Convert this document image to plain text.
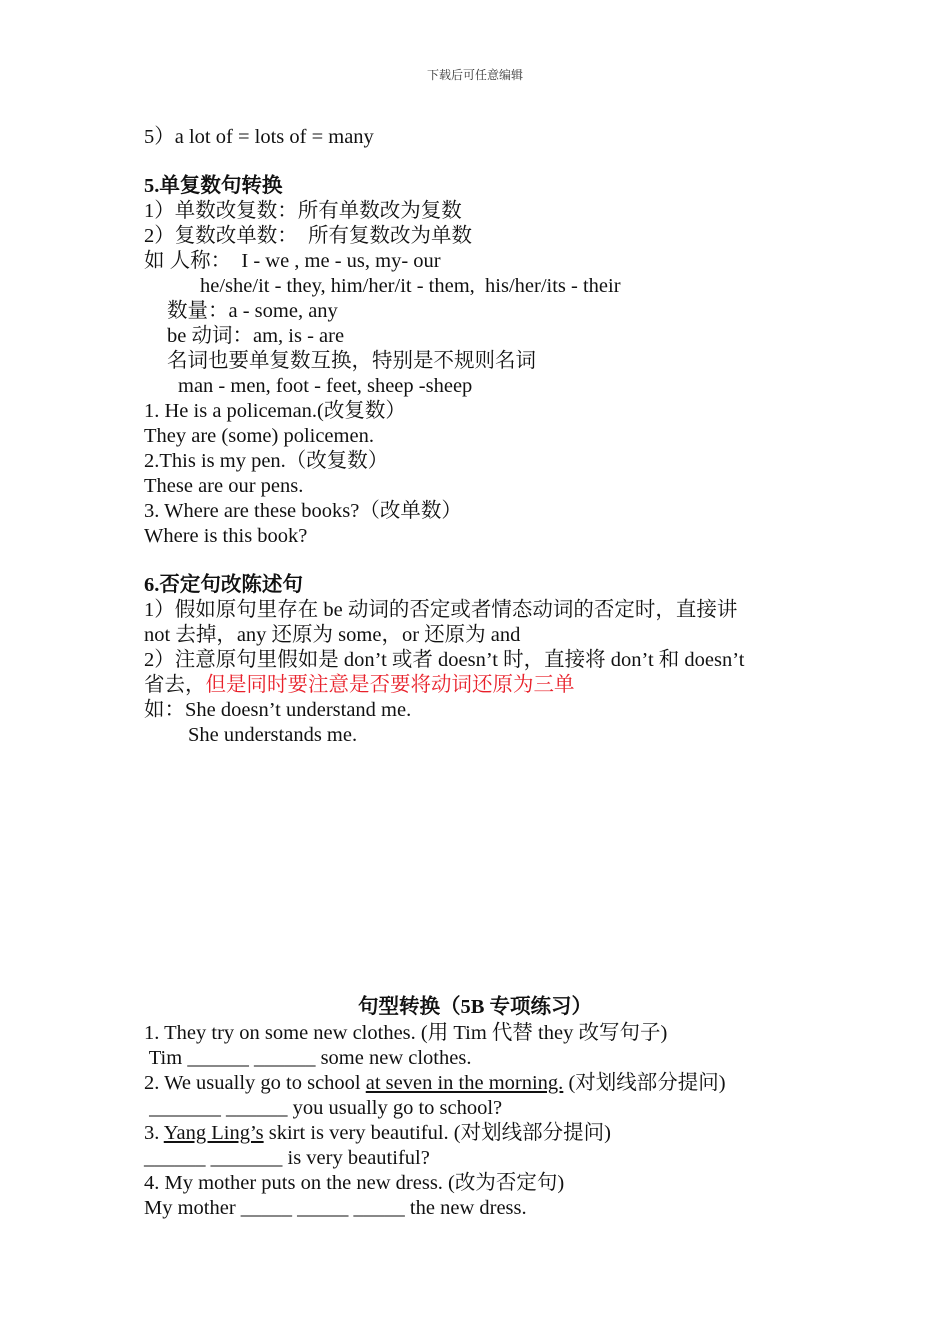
下载后可任意编辑

5）a lot of = lots of = many

5.单复数句转换

1）单数改复数：所有单数改为复数

2）复数改单数：  所有复数改为单数

如 人称：  I - we , me - us, my- our

he/she/it - they, him/her/it - them,  his/her/its - their

数量：a - some, any

be 动词：am, is - are

名词也要单复数互换，特别是不规则名词

man - men, foot - feet, sheep -sheep

1. He is a policeman.(改复数）

They are (some) policemen.

2.This is my pen.（改复数）

These are our pens.

3. Where are these books?（改单数）

Where is this book?

6.否定句改陈述句

1）假如原句里存在 be 动词的否定或者情态动词的否定时，直接讲

not 去掉，any 还原为 some，or 还原为 and

2）注意原句里假如是 don’t 或者 doesn’t 时，直接将 don’t 和 doesn’t

省去，但是同时要注意是否要将动词还原为三单

如：She doesn’t understand me.

She understands me.

句型转换（5B 专项练习）

1. They try on some new clothes. (用 Tim 代替 they 改写句子)

Tim ______ ______ some new clothes.

2. We usually go to school at seven in the morning. (对划线部分提问)

_______ ______ you usually go to school?

3. Yang Ling’s skirt is very beautiful. (对划线部分提问)

______ _______ is very beautiful?

4. My mother puts on the new dress. (改为否定句)

My mother _____ _____ _____ the new dress.
